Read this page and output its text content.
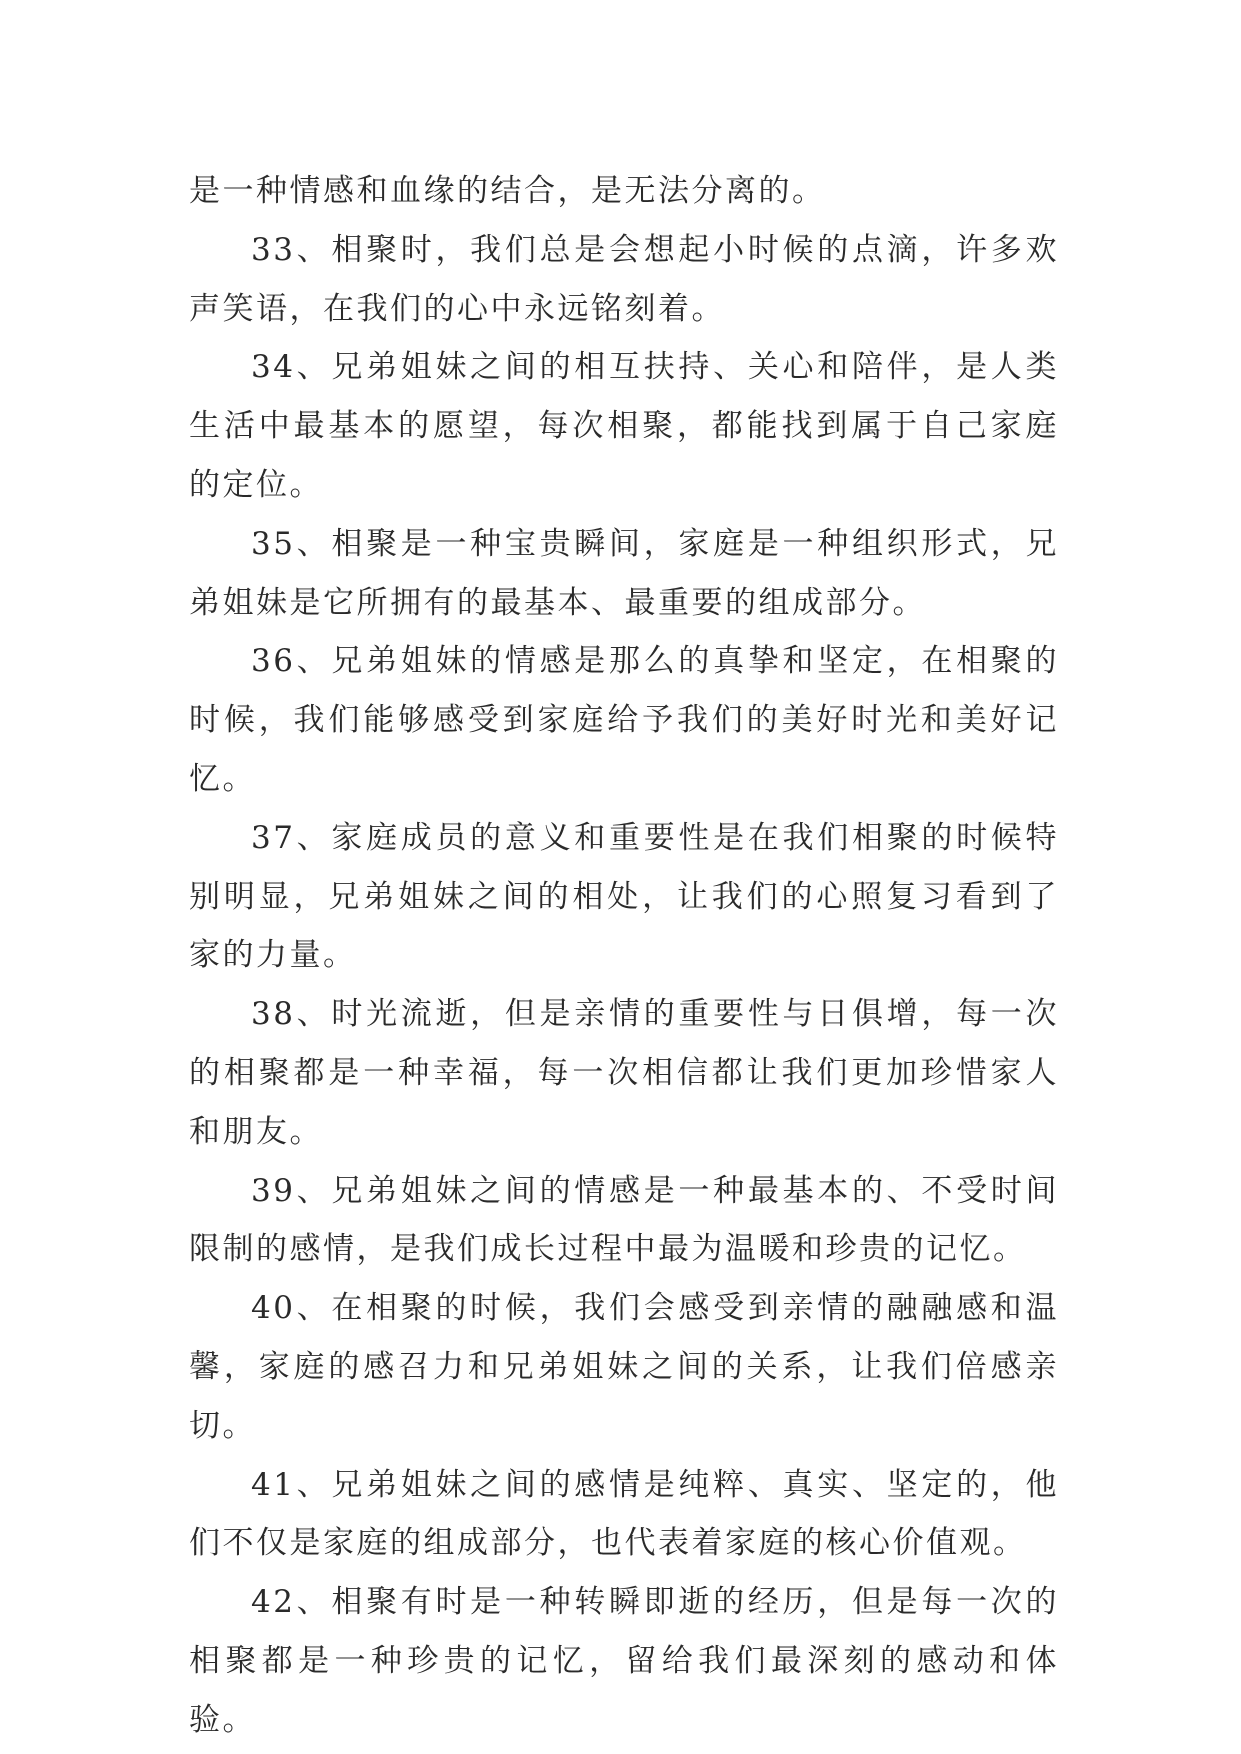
是一种情感和血缘的结合，是无法分离的。

33、相聚时，我们总是会想起小时候的点滴，许多欢声笑语，在我们的心中永远铭刻着。

34、兄弟姐妹之间的相互扶持、关心和陪伴，是人类生活中最基本的愿望，每次相聚，都能找到属于自己家庭的定位。

35、相聚是一种宝贵瞬间，家庭是一种组织形式，兄弟姐妹是它所拥有的最基本、最重要的组成部分。

36、兄弟姐妹的情感是那么的真挚和坚定，在相聚的时候，我们能够感受到家庭给予我们的美好时光和美好记忆。

37、家庭成员的意义和重要性是在我们相聚的时候特别明显，兄弟姐妹之间的相处，让我们的心照复习看到了家的力量。

38、时光流逝，但是亲情的重要性与日俱增，每一次的相聚都是一种幸福，每一次相信都让我们更加珍惜家人和朋友。

39、兄弟姐妹之间的情感是一种最基本的、不受时间限制的感情，是我们成长过程中最为温暖和珍贵的记忆。

40、在相聚的时候，我们会感受到亲情的融融感和温馨，家庭的感召力和兄弟姐妹之间的关系，让我们倍感亲切。

41、兄弟姐妹之间的感情是纯粹、真实、坚定的，他们不仅是家庭的组成部分，也代表着家庭的核心价值观。

42、相聚有时是一种转瞬即逝的经历，但是每一次的相聚都是一种珍贵的记忆，留给我们最深刻的感动和体验。
